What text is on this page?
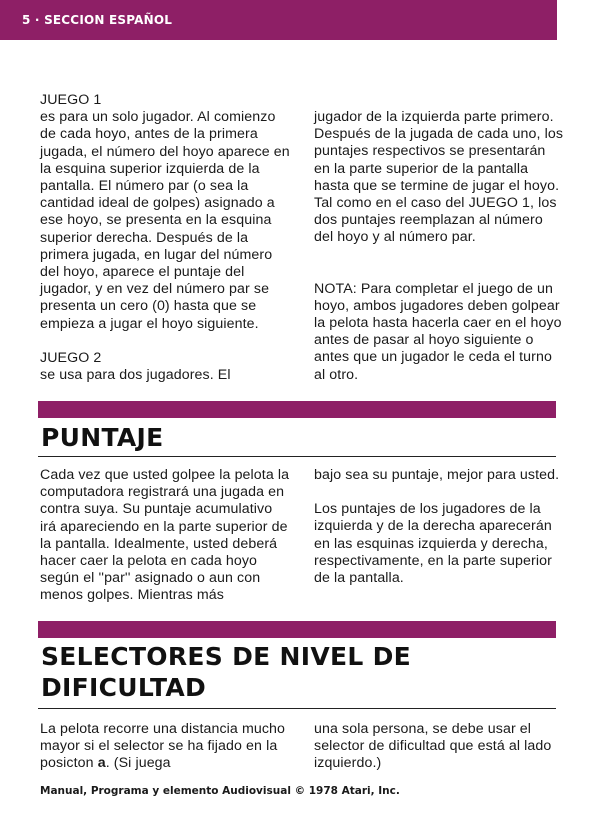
5 · SECCION ESPAÑOL
JUEGO 1

es para un solo jugador. Al comienzo de cada hoyo, antes de la primera jugada, el número del hoyo aparece en la esquina superior izquierda de la pantalla. El número par (o sea la cantidad ideal de golpes) asignado a ese hoyo, se presenta en la esquina superior derecha. Después de la primera jugada, en lugar del número del hoyo, aparece el puntaje del jugador, y en vez del número par se presenta un cero (0) hasta que se empieza a jugar el hoyo siguiente.

JUEGO 2

se usa para dos jugadores. El

jugador de la izquierda parte primero. Después de la jugada de cada uno, los puntajes respectivos se presentarán en la parte superior de la pantalla hasta que se termine de jugar el hoyo. Tal como en el caso del JUEGO 1, los dos puntajes reemplazan al número del hoyo y al número par.

NOTA: Para completar el juego de un hoyo, ambos jugadores deben golpear la pelota hasta hacerla caer en el hoyo antes de pasar al hoyo siguiente o antes que un jugador le ceda el turno al otro.

PUNTAJE

Cada vez que usted golpee la pelota la computadora registrará una jugada en contra suya. Su puntaje acumulativo irá apareciendo en la parte superior de la pantalla. Idealmente, usted deberá hacer caer la pelota en cada hoyo según el ''par'' asignado o aun con menos golpes. Mientras más

bajo sea su puntaje, mejor para usted.

Los puntajes de los jugadores de la izquierda y de la derecha aparecerán en las esquinas izquierda y derecha, respectivamente, en la parte superior de la pantalla.

SELECTORES DE NIVEL DE
DIFICULTAD

La pelota recorre una distancia mucho mayor si el selector se ha fijado en la posicton a. (Si juega

una sola persona, se debe usar el selector de dificultad que está al lado izquierdo.)

Manual, Programa y elemento Audiovisual © 1978 Atari, Inc.
